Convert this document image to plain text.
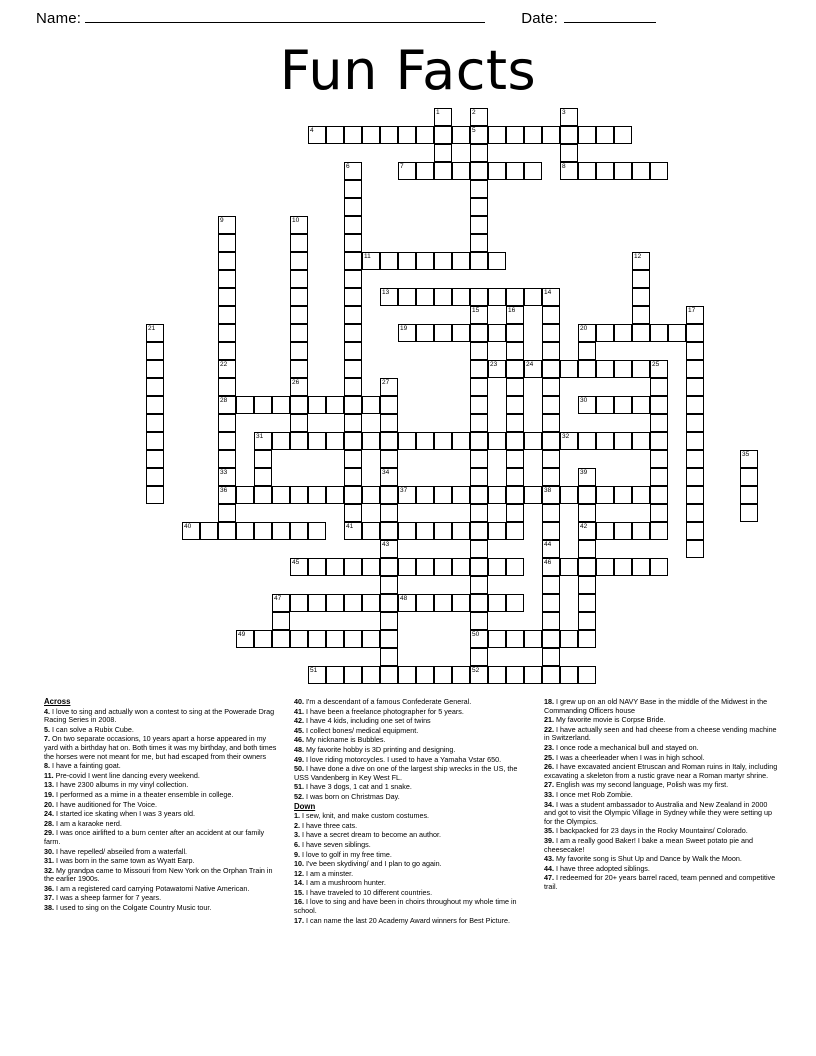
Name:	Date:
Fun Facts
1	2	3
4	5
6	7	8
9	10
11	12
13	14
15	16	17
21	19	20
22	23	24	25
26	27
28	30
31	32
35
33	34	39
36	37	38
40	41	42
43	44
45	46
47	48
49	50
51	52
Across

4. I love to sing and actually won a contest to sing at the Powerade Drag Racing Series in 2008.

5. I can solve a Rubix Cube.

7. On two separate occasions, 10 years apart a horse appeared in my yard with a birthday hat on. Both times it was my birthday, and both times the horses were not meant for me, but had escaped from their owners

8. I have a fainting goat.

11. Pre-covid I went line dancing every weekend.

13. I have 2300 albums in my vinyl collection.

19. I performed as a mime in a theater ensemble in college.

20. I have auditioned for The Voice.

24. I started ice skating when I was 3 years old.

28. I am a karaoke nerd.

29. I was once airlifted to a burn center after an accident at our family farm.

30. I have repelled/ abseiled from a waterfall.

31. I was born in the same town as Wyatt Earp.

32. My grandpa came to Missouri from New York on the Orphan Train in the earlier 1900s.

36. I am a registered card carrying Potawatomi Native American.

37. I was a sheep farmer for 7 years.

38. I used to sing on the Colgate Country Music tour.

40. I'm a descendant of a famous Confederate General.

41. I have been a freelance photographer for 5 years.

42. I have 4 kids, including one set of twins

45. I collect bones/ medical equipment.

46. My nickname is Bubbles.

48. My favorite hobby is 3D printing and designing.

49. I love riding motorcycles. I used to have a Yamaha Vstar 650.

50. I have done a dive on one of the largest ship wrecks in the US, the USS Vandenberg in Key West FL.

51. I have 3 dogs, 1 cat and 1 snake.

52. I was born on Christmas Day.

Down

1. I sew, knit, and make custom costumes.

2. I have three cats.

3. I have a secret dream to become an author.

6. I have seven siblings.

9. I love to golf in my free time.

10. I've been skydiving/ and I plan to go again.

12. I am a minster.

14. I am a mushroom hunter.

15. I have traveled to 10 different countries.

16. I love to sing and have been in choirs throughout my whole time in school.

17. I can name the last 20 Academy Award winners for Best Picture.

18. I grew up on an old NAVY Base in the middle of the Midwest in the Commanding Officers house

21. My favorite movie is Corpse Bride.

22. I have actually seen and had cheese from a cheese vending machine in Switzerland.

23. I once rode a mechanical bull and stayed on.

25. I was a cheerleader when I was in high school.

26. I have excavated ancient Etruscan and Roman ruins in Italy, including excavating a skeleton from a rustic grave near a Roman martyr shrine.

27. English was my second language, Polish was my first.

33. I once met Rob Zombie.

34. I was a student ambassador to Australia and New Zealand in 2000 and got to visit the Olympic Village in Sydney while they were setting up for the Olympics.

35. I backpacked for 23 days in the Rocky Mountains/ Colorado.

39. I am a really good Baker! I bake a mean Sweet potato pie and cheesecake!

43. My favorite song is Shut Up and Dance by Walk the Moon.

44. I have three adopted siblings.

47. I redeemed for 20+ years barrel raced, team penned and competitive trail.
